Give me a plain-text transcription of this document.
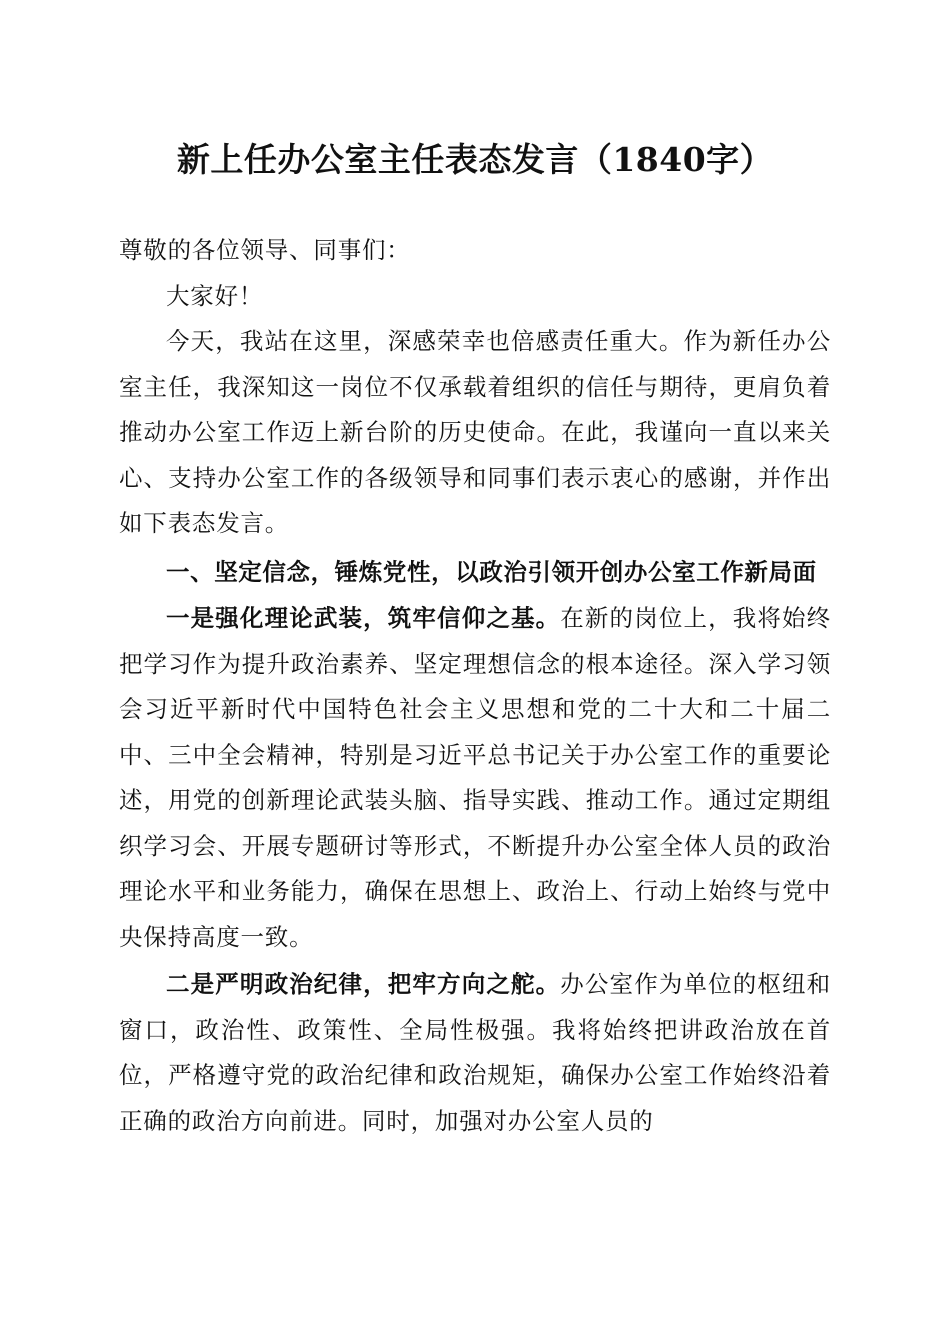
新上任办公室主任表态发言（1840字）

尊敬的各位领导、同事们：

大家好！

今天，我站在这里，深感荣幸也倍感责任重大。作为新任办公室主任，我深知这一岗位不仅承载着组织的信任与期待，更肩负着推动办公室工作迈上新台阶的历史使命。在此，我谨向一直以来关心、支持办公室工作的各级领导和同事们表示衷心的感谢，并作出如下表态发言。

一、坚定信念，锤炼党性，以政治引领开创办公室工作新局面

一是强化理论武装，筑牢信仰之基。在新的岗位上，我将始终把学习作为提升政治素养、坚定理想信念的根本途径。深入学习领会习近平新时代中国特色社会主义思想和党的二十大和二十届二中、三中全会精神，特别是习近平总书记关于办公室工作的重要论述，用党的创新理论武装头脑、指导实践、推动工作。通过定期组织学习会、开展专题研讨等形式，不断提升办公室全体人员的政治理论水平和业务能力，确保在思想上、政治上、行动上始终与党中央保持高度一致。

二是严明政治纪律，把牢方向之舵。办公室作为单位的枢纽和窗口，政治性、政策性、全局性极强。我将始终把讲政治放在首位，严格遵守党的政治纪律和政治规矩，确保办公室工作始终沿着正确的政治方向前进。同时，加强对办公室人员的
